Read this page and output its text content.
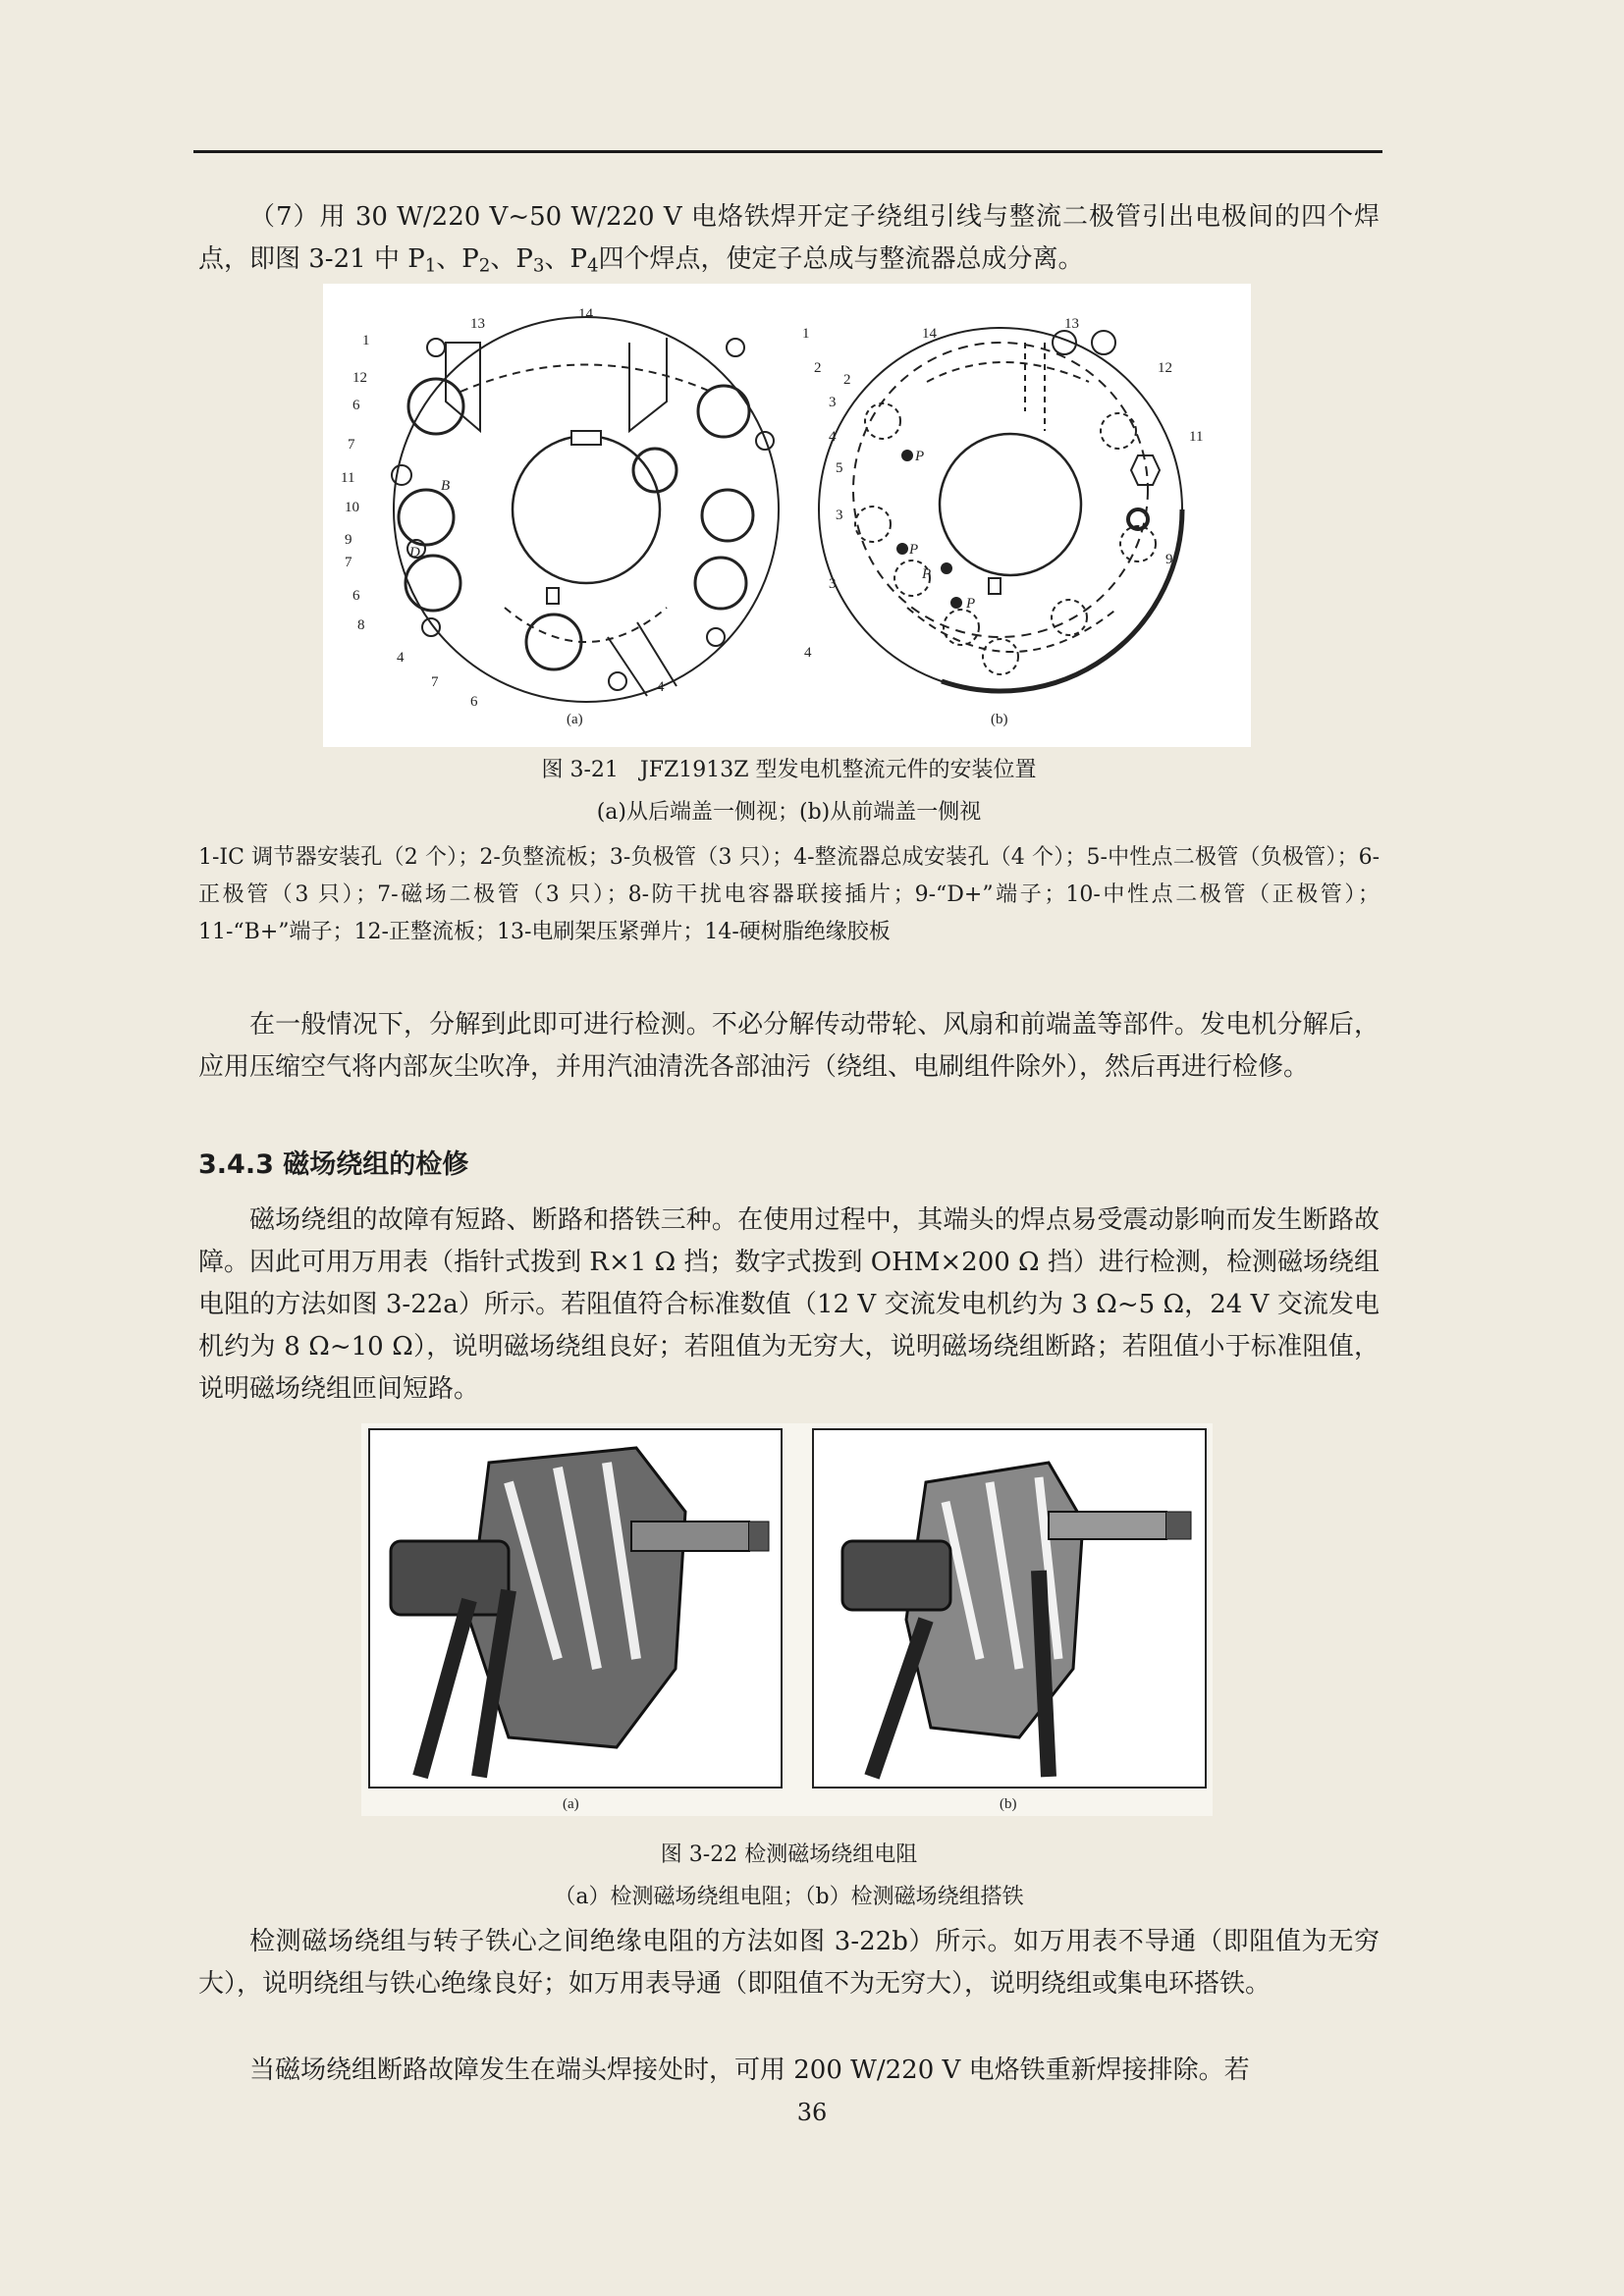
（7）用 30 W/220 V~50 W/220 V 电烙铁焊开定子绕组引线与整流二极管引出电极间的四个焊点，即图 3-21 中 $P_1$、$P_2$、$P_3$、$P_4$四个焊点，使定子总成与整流器总成分离。

1
12
6
7
11
10
9
7
6
8
4
7
6
13
14
1
2
3
4
5
3
3
4
4
B
D
(a)
14
13
12
2
11
9
P
P
P
P
(b)

图 3-21　JFZ1913Z 型发电机整流元件的安装位置

(a)从后端盖一侧视；(b)从前端盖一侧视

1-IC 调节器安装孔（2 个）；2-负整流板；3-负极管（3 只）；4-整流器总成安装孔（4 个）；5-中性点二极管（负极管）；6-正极管（3 只）；7-磁场二极管（3 只）；8-防干扰电容器联接插片；9-“D+”端子；10-中性点二极管（正极管）；11-“B+”端子；12-正整流板；13-电刷架压紧弹片；14-硬树脂绝缘胶板

在一般情况下，分解到此即可进行检测。不必分解传动带轮、风扇和前端盖等部件。发电机分解后，应用压缩空气将内部灰尘吹净，并用汽油清洗各部油污（绕组、电刷组件除外），然后再进行检修。

3.4.3 磁场绕组的检修

磁场绕组的故障有短路、断路和搭铁三种。在使用过程中，其端头的焊点易受震动影响而发生断路故障。因此可用万用表（指针式拨到 R×1 Ω 挡；数字式拨到 OHM×200 Ω 挡）进行检测，检测磁场绕组电阻的方法如图 3-22a）所示。若阻值符合标准数值（12 V 交流发电机约为 3 Ω~5 Ω，24 V 交流发电机约为 8 Ω~10 Ω），说明磁场绕组良好；若阻值为无穷大，说明磁场绕组断路；若阻值小于标准阻值，说明磁场绕组匝间短路。

(a)	(b)

图 3-22 检测磁场绕组电阻

（a）检测磁场绕组电阻；（b）检测磁场绕组搭铁

检测磁场绕组与转子铁心之间绝缘电阻的方法如图 3-22b）所示。如万用表不导通（即阻值为无穷大），说明绕组与铁心绝缘良好；如万用表导通（即阻值不为无穷大），说明绕组或集电环搭铁。

当磁场绕组断路故障发生在端头焊接处时，可用 200 W/220 V 电烙铁重新焊接排除。若

36
